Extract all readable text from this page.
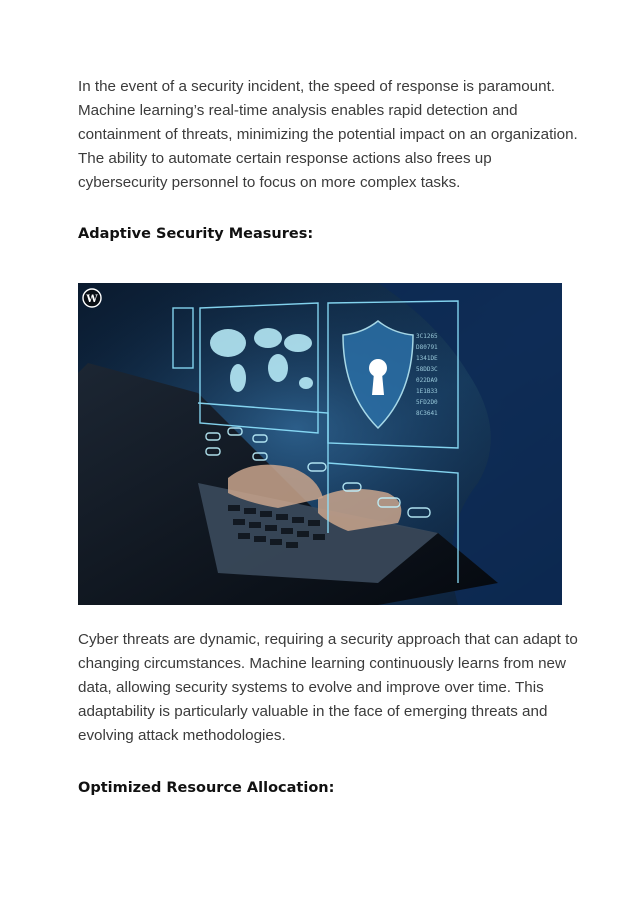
In the event of a security incident, the speed of response is paramount. Machine learning’s real-time analysis enables rapid detection and containment of threats, minimizing the potential impact on an organization. The ability to automate certain response actions also frees up cybersecurity personnel to focus on more complex tasks.

Adaptive Security Measures:
3C1265
D80791
1341DE
58DD3C
022DA9
1E1B33
5FD2D0
8C3641
W

Cyber threats are dynamic, requiring a security approach that can adapt to changing circumstances. Machine learning continuously learns from new data, allowing security systems to evolve and improve over time. This adaptability is particularly valuable in the face of emerging threats and evolving attack methodologies.

Optimized Resource Allocation:
